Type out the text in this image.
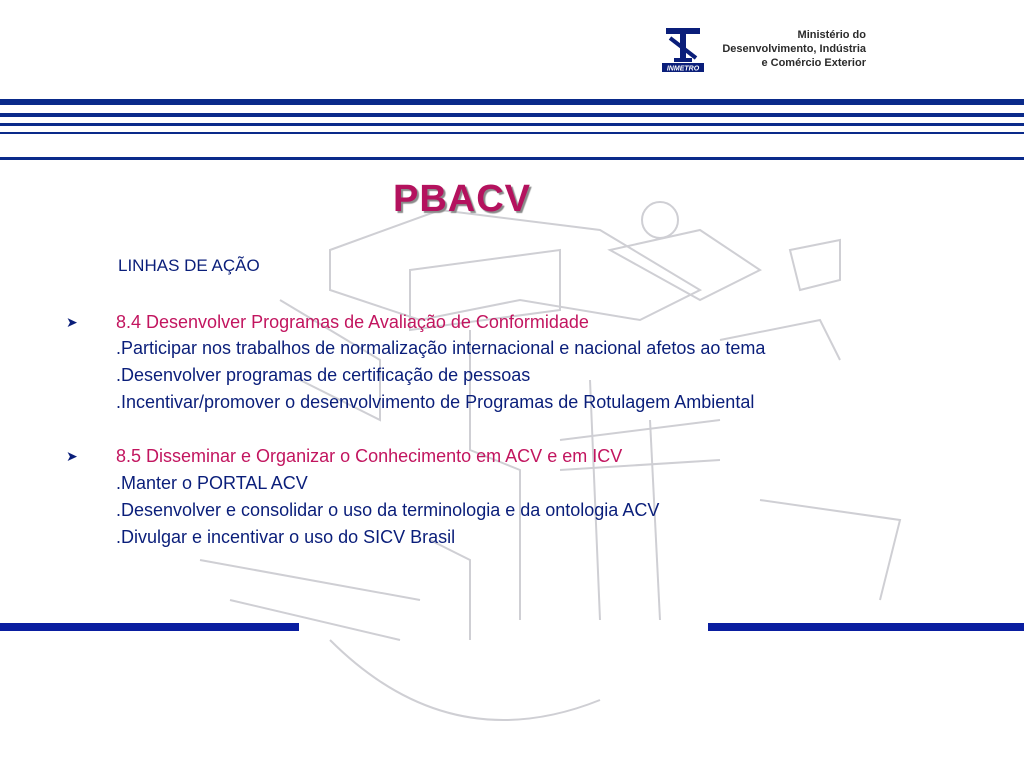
INMETRO
Ministério do
Desenvolvimento, Indústria
e Comércio Exterior
PBACV
LINHAS DE AÇÃO
➤ 8.4 Desenvolver Programas de Avaliação de Conformidade
.Participar nos trabalhos de normalização internacional e nacional afetos ao tema
.Desenvolver programas de certificação de pessoas
.Incentivar/promover o desenvolvimento de Programas de Rotulagem Ambiental
➤ 8.5 Disseminar e Organizar o Conhecimento em ACV e em ICV
.Manter o PORTAL ACV
.Desenvolver e consolidar o uso da terminologia e da ontologia ACV
.Divulgar e incentivar o uso do SICV Brasil
